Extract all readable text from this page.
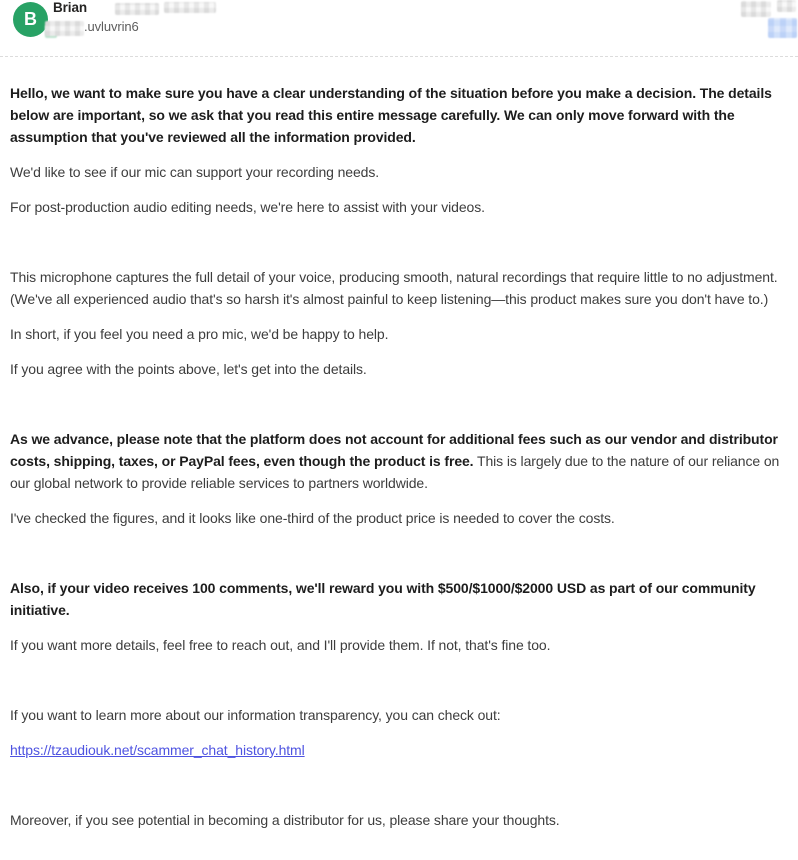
B
Brian
.uvluvrin6

Hello, we want to make sure you have a clear understanding of the situation before you make a decision. The details below are important, so we ask that you read this entire message carefully. We can only move forward with the assumption that you've reviewed all the information provided.

We'd like to see if our mic can support your recording needs.

For post-production audio editing needs, we're here to assist with your videos.

This microphone captures the full detail of your voice, producing smooth, natural recordings that require little to no adjustment. (We've all experienced audio that's so harsh it's almost painful to keep listening—this product makes sure you don't have to.)

In short, if you feel you need a pro mic, we'd be happy to help.

If you agree with the points above, let's get into the details.

As we advance, please note that the platform does not account for additional fees such as our vendor and distributor costs, shipping, taxes, or PayPal fees, even though the product is free. This is largely due to the nature of our reliance on our global network to provide reliable services to partners worldwide.

I've checked the figures, and it looks like one-third of the product price is needed to cover the costs.

Also, if your video receives 100 comments, we'll reward you with $500/$1000/$2000 USD as part of our community initiative.

If you want more details, feel free to reach out, and I'll provide them. If not, that's fine too.

If you want to learn more about our information transparency, you can check out:

https://tzaudiouk.net/scammer_chat_history.html

Moreover, if you see potential in becoming a distributor for us, please share your thoughts.
